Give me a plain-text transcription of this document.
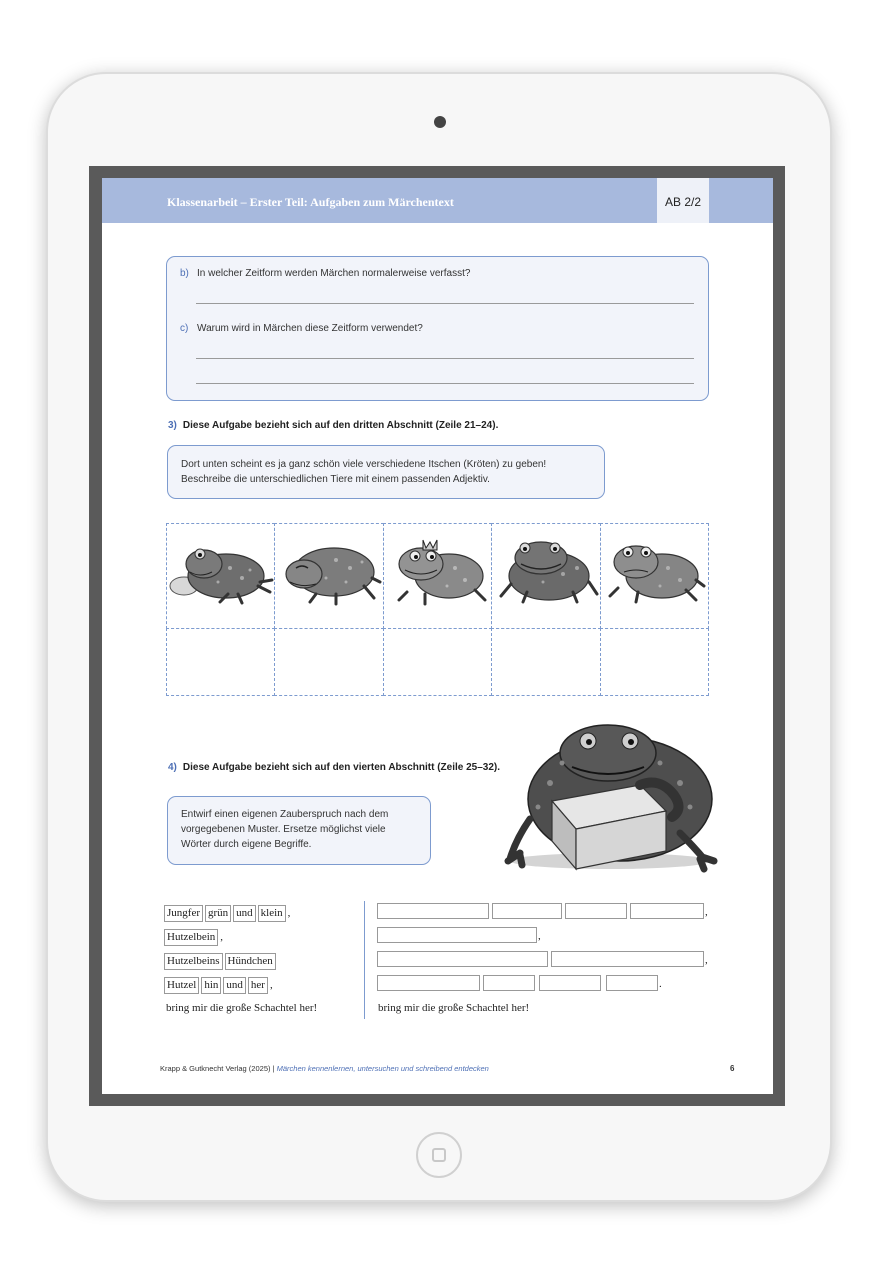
Klassenarbeit – Erster Teil: Aufgaben zum Märchentext	AB 2/2
b) In welcher Zeitform werden Märchen normalerweise verfasst?
c) Warum wird in Märchen diese Zeitform verwendet?
3) Diese Aufgabe bezieht sich auf den dritten Abschnitt (Zeile 21–24).
Dort unten scheint es ja ganz schön viele verschiedene Itschen (Kröten) zu geben!
Beschreibe die unterschiedlichen Tiere mit einem passenden Adjektiv.
4) Diese Aufgabe bezieht sich auf den vierten Abschnitt (Zeile 25–32).
Entwirf einen eigenen Zauberspruch nach dem
vorgegebenen Muster. Ersetze möglichst viele
Wörter durch eigene Begriffe.
Jungfer grün und klein ,
Hutzelbein ,
Hutzelbeins Hündchen
Hutzel hin und her ,
bring mir die große Schachtel her!
,
,
,
.
bring mir die große Schachtel her!
Krapp & Gutknecht Verlag (2025) | Märchen kennenlernen, untersuchen und schreibend entdecken	6
